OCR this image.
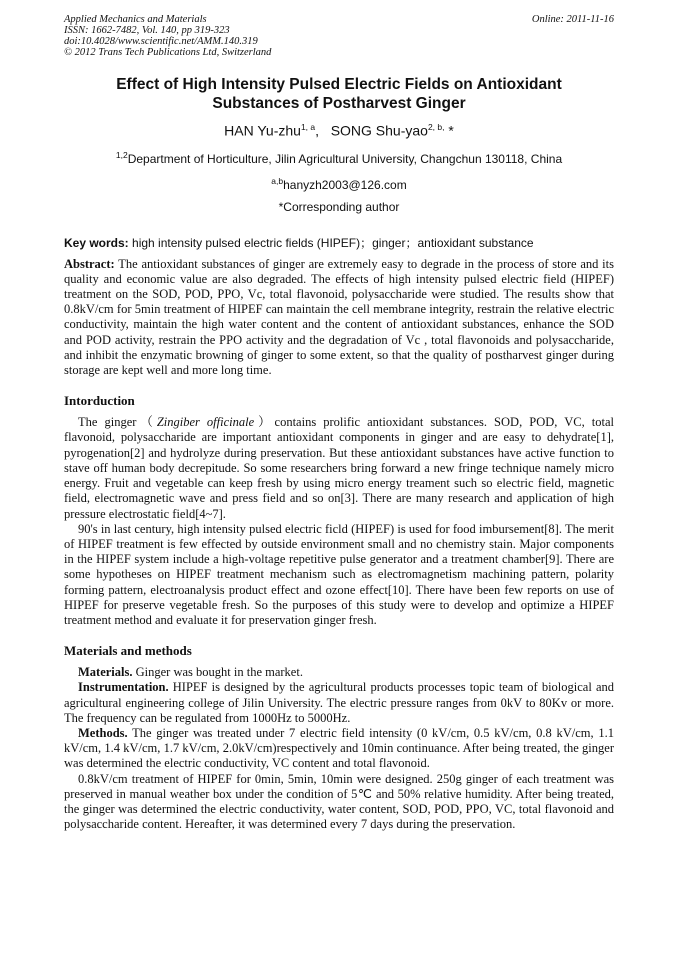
Applied Mechanics and Materials
ISSN: 1662-7482, Vol. 140, pp 319-323
doi:10.4028/www.scientific.net/AMM.140.319
© 2012 Trans Tech Publications Ltd, Switzerland
Online: 2011-11-16
Effect of High Intensity Pulsed Electric Fields on Antioxidant
Substances of Postharvest Ginger
HAN Yu-zhu$^{1, a}$,   SONG Shu-yao$^{2, b,}$ *
$^{1,2}$Department of Horticulture, Jilin Agricultural University, Changchun 130118, China
$^{a,b}$hanyzh2003@126.com
*Corresponding author
Key words: high intensity pulsed electric fields (HIPEF)；ginger；antioxidant substance
Abstract: The antioxidant substances of ginger are extremely easy to degrade in the process of store and its quality and economic value are also degraded. The effects of high intensity pulsed electric field (HIPEF) treatment on the SOD, POD, PPO, Vc, total flavonoid, polysaccharide were studied. The results show that 0.8kV/cm for 5min treatment of HIPEF can maintain the cell membrane integrity, restrain the relative electric conductivity, maintain the high water content and the content of antioxidant substances, enhance the SOD and POD activity, restrain the PPO activity and the degradation of Vc , total flavonoids and polysaccharide, and inhibit the enzymatic browning of ginger to some extent, so that the quality of postharvest ginger during storage are kept well and more long time.
Intorduction

The ginger（Zingiber officinale）contains prolific antioxidant substances. SOD, POD, VC, total flavonoid, polysaccharide are important antioxidant components in ginger and are easy to dehydrate[1], pyrogenation[2] and hydrolyze during preservation. But these antioxidant substances have active function to stave off human body decrepitude. So some researchers bring forward a new fringe technique namely micro energy. Fruit and vegetable can keep fresh by using micro energy treament such so electric field, magnetic field, electromagnetic wave and press field and so on[3]. There are many research and application of high pressure electrostatic field[4~7].

90's in last century, high intensity pulsed electric ficld (HIPEF) is used for food imbursement[8]. The merit of HIPEF treatment is few effected by outside environment small and no chemistry stain. Major components in the HIPEF system include a high-voltage repetitive pulse generator and a treatment chamber[9]. There are some hypotheses on HIPEF treatment mechanism such as electromagnetism machining pattern, polarity forming pattern, electroanalysis product effect and ozone effect[10]. There have been few reports on use of HIPEF for preserve vegetable fresh. So the purposes of this study were to develop and optimize a HIPEF treatment method and evaluate it for preservation ginger fresh.

Materials and methods

Materials. Ginger was bought in the market.

Instrumentation. HIPEF is designed by the agricultural products processes topic team of biological and agricultural engineering college of Jilin University. The electric pressure ranges from 0kV to 80Kv or more. The frequency can be regulated from 1000Hz to 5000Hz.

Methods. The ginger was treated under 7 electric field intensity (0 kV/cm, 0.5 kV/cm, 0.8 kV/cm, 1.1 kV/cm, 1.4 kV/cm, 1.7 kV/cm, 2.0kV/cm)respectively and 10min continuance. After being treated, the ginger was determined the electric conductivity, VC content and total flavonoid.

0.8kV/cm treatment of HIPEF for 0min, 5min, 10min were designed. 250g ginger of each treatment was preserved in manual weather box under the condition of 5℃ and 50% relative humidity. After being treated, the ginger was determined the electric conductivity, water content, SOD, POD, PPO, VC, total flavonoid and polysaccharide content. Hereafter, it was determined every 7 days during the preservation.
